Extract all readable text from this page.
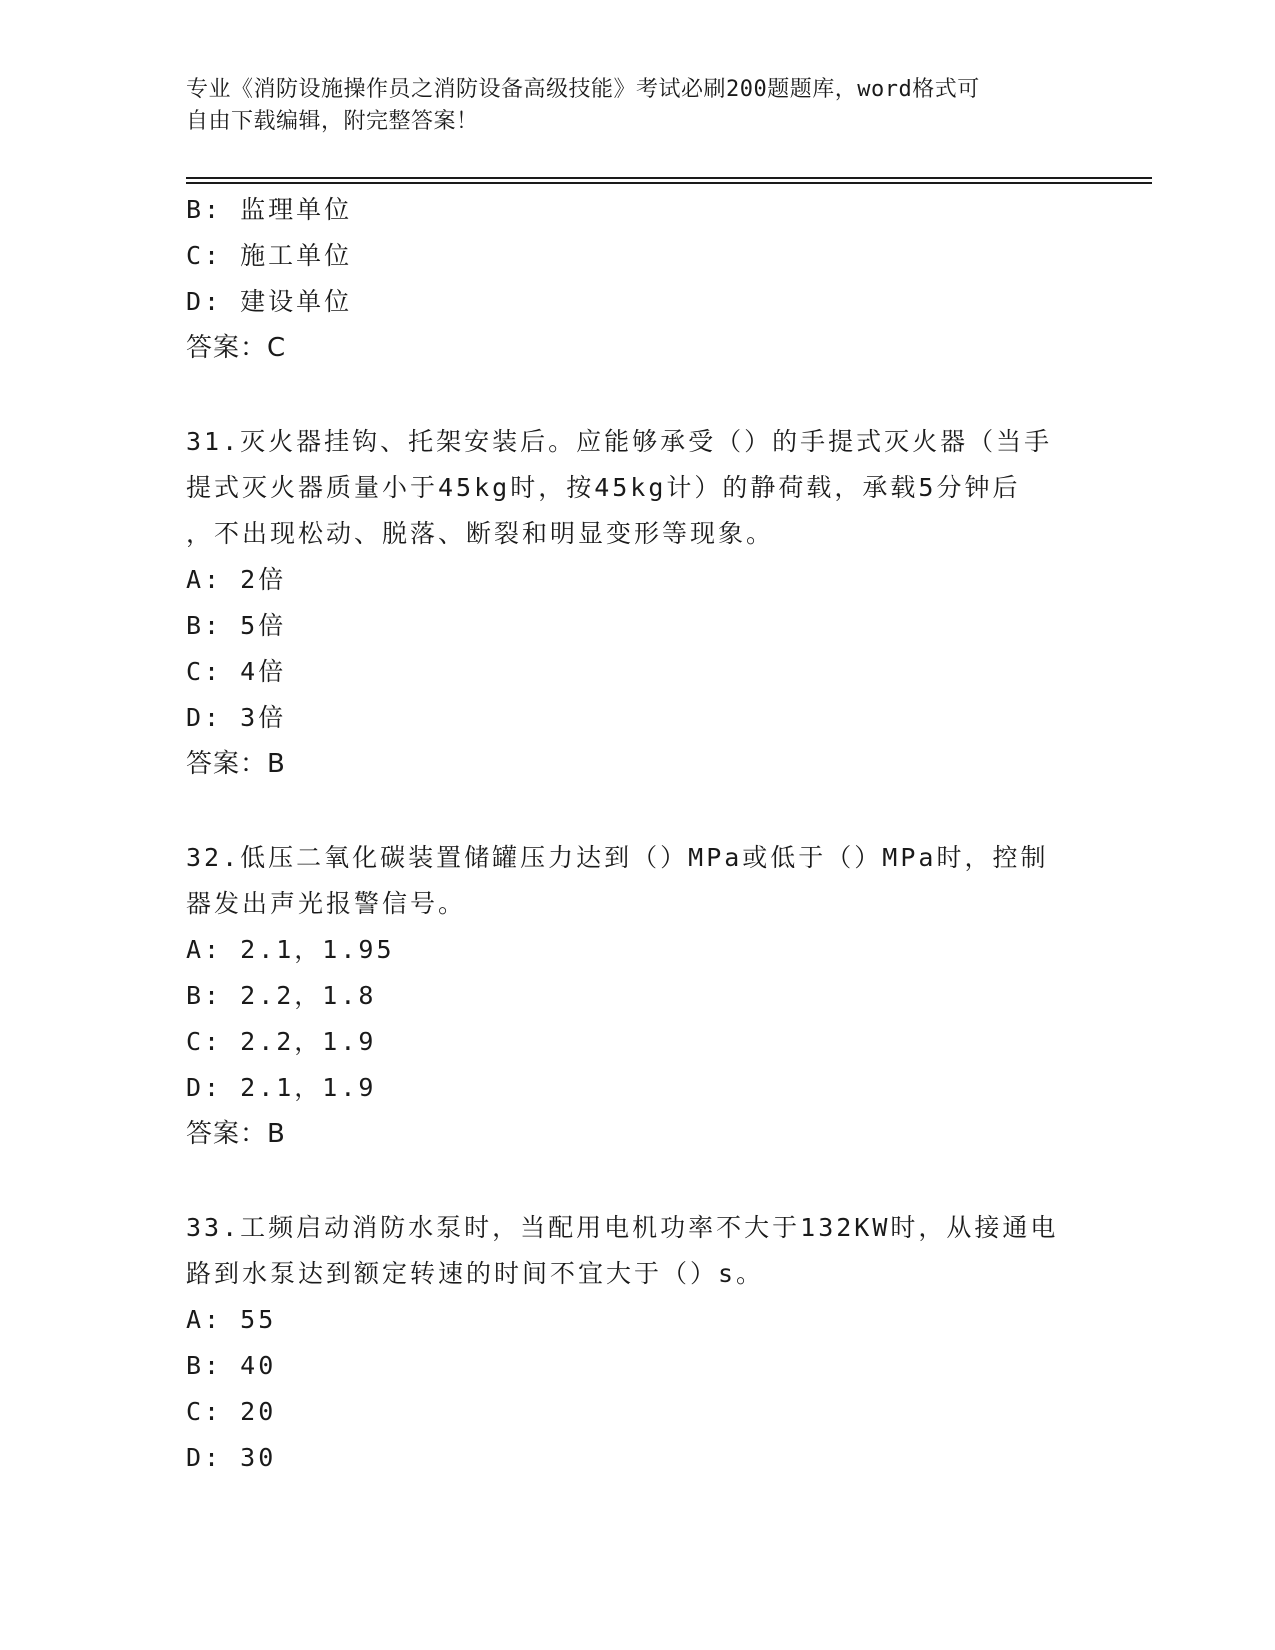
专业《消防设施操作员之消防设备高级技能》考试必刷200题题库，word格式可
自由下载编辑，附完整答案！
B: 监理单位
C: 施工单位
D: 建设单位
答案：C
31.灭火器挂钩、托架安装后。应能够承受（）的手提式灭火器（当手
提式灭火器质量小于45kg时，按45kg计）的静荷载，承载5分钟后
，不出现松动、脱落、断裂和明显变形等现象。
A: 2倍
B: 5倍
C: 4倍
D: 3倍
答案：B
32.低压二氧化碳装置储罐压力达到（）MPa或低于（）MPa时，控制
器发出声光报警信号。
A: 2.1，1.95
B: 2.2，1.8
C: 2.2，1.9
D: 2.1，1.9
答案：B
33.工频启动消防水泵时，当配用电机功率不大于132KW时，从接通电
路到水泵达到额定转速的时间不宜大于（）s。
A: 55
B: 40
C: 20
D: 30
